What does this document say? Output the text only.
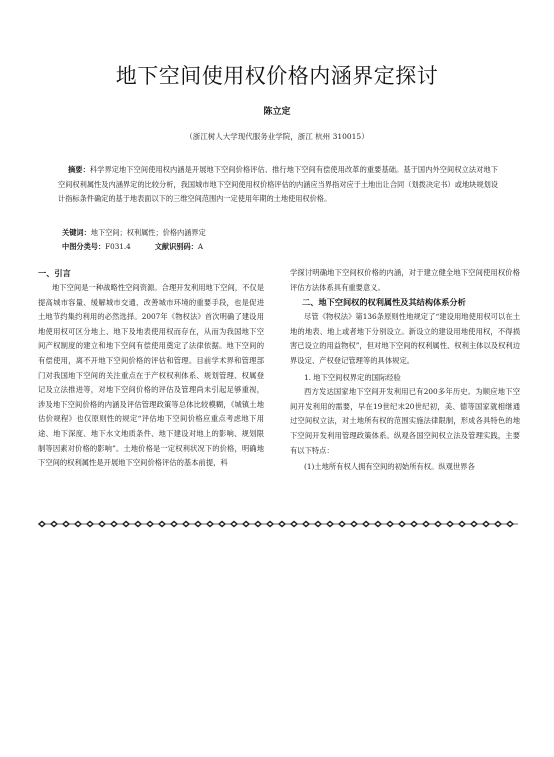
地下空间使用权价格内涵界定探讨
陈立定
（浙江树人大学现代服务业学院，浙江 杭州 310015）
摘要：科学界定地下空间使用权内涵是开展地下空间价格评估、推行地下空间有偿使用改革的重要基础。基于国内外空间权立法对地下空间权利属性及内涵界定的比较分析，我国城市地下空间使用权价格评估的内涵应当界指对应于土地出让合同（划拨决定书）或地块规划设计指标条件确定的基于地表面以下的三维空间范围内一定使用年期的土地使用权价格。
关键词：地下空间；权利属性；价格内涵界定
中图分类号：F031.4	文献识别码：A
一、引言

地下空间是一种战略性空间资源。合理开发利用地下空间，不仅是提高城市容量、缓解城市交通、改善城市环境的重要手段，也是促进土地节约集约利用的必然选择。2007年《物权法》首次明确了建设用地使用权可区分地上、地下及地表使用权而存在，从而为我国地下空间产权制度的建立和地下空间有偿使用奠定了法律依据。地下空间的有偿使用，离不开地下空间价格的评估和管理。目前学术界和管理部门对我国地下空间的关注重点在于产权权利体系、规划管理、权属登记及立法推进等，对地下空间价格的评估及管理尚未引起足够重视，涉及地下空间价格的内涵及评估管理政策等总体比较模糊，《城镇土地估价规程》也仅原则性的规定“评估地下空间价格应重点考虑地下用途、地下深度、地下水文地质条件、地下建设对地上的影响、规划限制等因素对价格的影响”。土地价格是一定权利状况下的价格，明确地下空间的权利属性是开展地下空间价格评估的基本前提，科

学探讨明确地下空间权价格的内涵，对于建立健全地下空间使用权价格评估方法体系具有重要意义。

二、地下空间权的权利属性及其结构体系分析

尽管《物权法》第136条原则性地规定了“建设用地使用权可以在土地的地表、地上或者地下分别设立。新设立的建设用地使用权，不得损害已设立的用益物权”，但对地下空间的权利属性、权利主体以及权利边界设定、产权登记管理等的具体规定。

1. 地下空间权界定的国际经验

西方发达国家地下空间开发利用已有200多年历史。为顺应地下空间开发利用的需要，早在19世纪末20世纪初，美、德等国家就相继通过空间权立法，对土地所有权的范围实施法律限制，形成各具特色的地下空间开发利用管理政策体系。纵观各国空间权立法及管理实践，主要有以下特点：

(1)土地所有权人拥有空间的初始所有权。纵观世界各
